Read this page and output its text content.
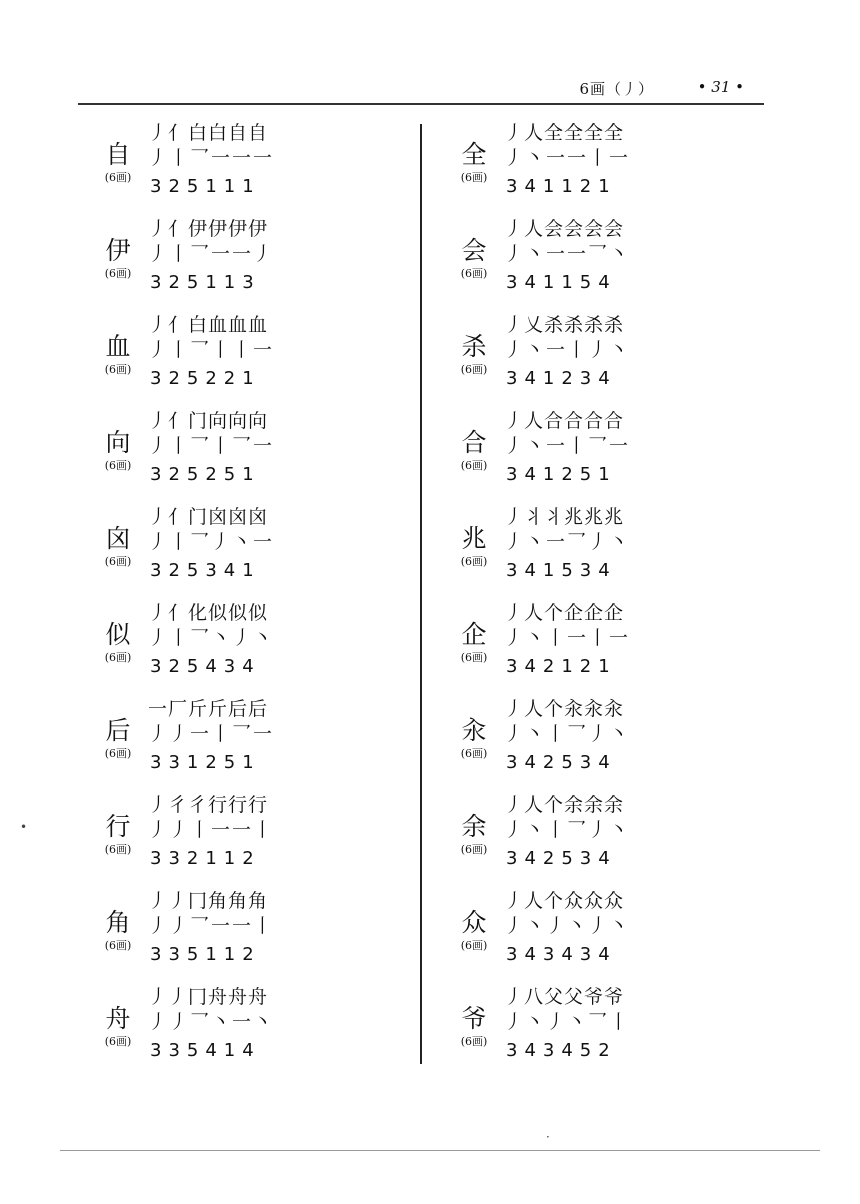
6画（丿）	• 31 •
自
(6画)
丿亻白白自自
丿丨乛一一一
325111
伊
(6画)
丿亻伊伊伊伊
丿丨乛一一丿
325113
血
(6画)
丿亻白血血血
丿丨乛丨丨一
325221
向
(6画)
丿亻门向向向
丿丨乛丨乛一
325251
囟
(6画)
丿亻门囟囟囟
丿丨乛丿丶一
325341
似
(6画)
丿亻化似似似
丿丨乛丶丿丶
325434
后
(6画)
一厂斤斤后后
丿丿一丨乛一
331251
行
(6画)
丿彳彳行行行
丿丿丨一一丨
332112
角
(6画)
丿丿冂角角角
丿丿乛一一丨
335112
舟
(6画)
丿丿冂舟舟舟
丿丿乛丶一丶
335414
全
(6画)
丿人全全全全
丿丶一一丨一
341121
会
(6画)
丿人会会会会
丿丶一一乛丶
341154
杀
(6画)
丿乂杀杀杀杀
丿丶一丨丿丶
341234
合
(6画)
丿人合合合合
丿丶一丨乛一
341251
兆
(6画)
丿丬丬兆兆兆
丿丶一乛丿丶
341534
企
(6画)
丿人个企企企
丿丶丨一丨一
342121
汆
(6画)
丿人个汆汆汆
丿丶丨乛丿丶
342534
余
(6画)
丿人个余余余
丿丶丨乛丿丶
342534
众
(6画)
丿人个众众众
丿丶丿丶丿丶
343434
爷
(6画)
丿八父父爷爷
丿丶丿丶乛丨
343452
•
·
